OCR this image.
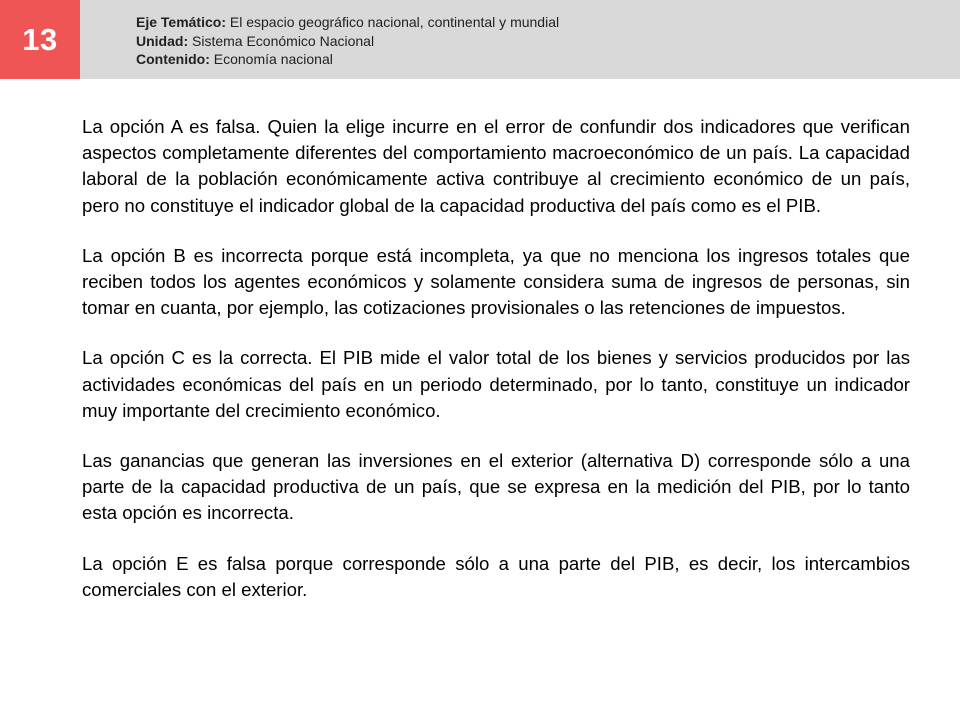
13	Eje Temático: El espacio geográfico nacional, continental y mundial
Unidad: Sistema Económico Nacional
Contenido: Economía nacional

La opción A es falsa. Quien la elige incurre en el error de confundir dos indicadores que verifican aspectos completamente diferentes del comportamiento macroeconómico de un país. La capacidad laboral de la población económicamente activa contribuye al crecimiento económico de un país, pero no constituye el indicador global de la capacidad productiva del país como es el PIB.

La opción B es incorrecta porque está incompleta, ya que no menciona los ingresos totales que reciben todos los agentes económicos y solamente considera suma de ingresos de personas, sin tomar en cuanta, por ejemplo, las cotizaciones provisionales o las retenciones de impuestos.

La opción C es la correcta. El PIB mide el valor total de los bienes y servicios producidos por las actividades económicas del país en un periodo determinado, por lo tanto, constituye un indicador muy importante del crecimiento económico.

Las ganancias que generan las inversiones en el exterior (alternativa D) corresponde sólo a una parte de la capacidad productiva de un país, que se expresa en la medición del PIB, por lo tanto esta opción es incorrecta.

La opción E es falsa porque corresponde sólo a una parte del PIB, es decir, los intercambios comerciales con el exterior.
